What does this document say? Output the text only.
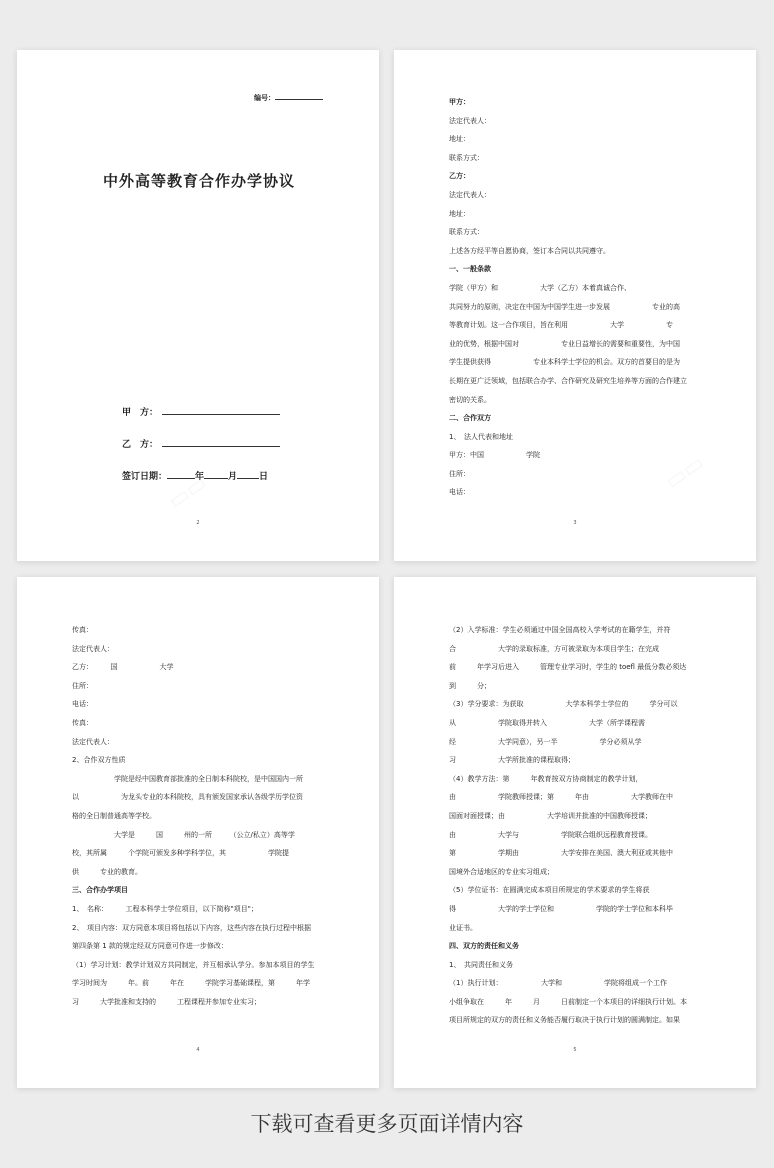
编号：
中外高等教育合作办学协议
甲　方：
乙　方：
签订日期：	年	月 日
2
甲方：
法定代表人：
地址：
联系方式：
乙方：
法定代表人：
地址：
联系方式：
上述各方经平等自愿协商，签订本合同以共同遵守。
一、一般条款
学院（甲方）和　　　　　　大学（乙方）本着真诚合作、
共同努力的原则，决定在中国为中国学生进一步发展　　　　　　专业的高
等教育计划。这一合作项目，旨在利用　　　　　　大学　　　　　　专
业的优势，根据中国对　　　　　　专业日益增长的需要和重要性，为中国
学生提供获得　　　　　　专业本科学士学位的机会。双方的首要目的是为
长期在更广泛领域，包括联合办学、合作研究及研究生培养等方面的合作建立
密切的关系。
二、合作双方
1、　法人代表和地址
甲方：中国　　　　　　学院
住所：
电话：
3
传真：
法定代表人：
乙方：　　　国　　　　　　大学
住所：
电话：
传真：
法定代表人：
2、合作双方性质
　　　　　　学院是经中国教育部批准的全日制本科院校，是中国国内一所
以　　　　　　为龙头专业的本科院校，具有颁发国家承认各级学历学位资
格的全日制普通高等学校。
　　　　　　大学是　　　国　　　州的一所　　　（公立/私立）高等学
校，其所属　　　个学院可颁发多种学科学位，其　　　　　　学院提
供　　　专业的教育。
三、合作办学项目
1、　名称：　　　工程本科学士学位项目，以下简称"项目"；
2、　项目内容：双方同意本项目将包括以下内容，这些内容在执行过程中根据
第四条第 1 款的规定经双方同意可作进一步修改：
（1）学习计划：教学计划双方共同制定，并互相承认学分。参加本项目的学生
学习时间为　　　年。前　　　年在　　　学院学习基础课程，第　　　年学
习　　　大学批准和支持的　　　工程课程并参加专业实习；
4
（2）入学标准：学生必须通过中国全国高校入学考试的在籍学生，并符
合　　　　　　大学的录取标准，方可被录取为本项目学生；在完成
前　　　年学习后进入　　　管理专业学习时，学生的 toefl 最低分数必须达
到　　　分；
（3）学分要求：为获取　　　　　　大学本科学士学位的　　　学分可以
从　　　　　　学院取得并转入　　　　　　大学（所学课程需
经　　　　　　大学同意），另一半　　　　　　学分必须从学
习　　　　　　大学所批准的课程取得；
（4）教学方法：第　　　年教育按双方协商制定的教学计划，
由　　　　　　学院教师授课；第　　　年由　　　　　　大学教师在中
国面对面授课；由　　　　　　大学培训并批准的中国教师授课；
由　　　　　　大学与　　　　　　学院联合组织远程教育授课。
第　　　　　　学期由　　　　　　大学安排在美国、澳大利亚或其他中
国境外合适地区的专业实习组成；
（5）学位证书：在圆满完成本项目所规定的学术要求的学生将获
得　　　　　　大学的学士学位和　　　　　　学院的学士学位和本科毕
业证书。
四、双方的责任和义务
1、　共同责任和义务
（1）执行计划：　　　　　　大学和　　　　　　学院将组成一个工作
小组争取在　　　年　　　月　　　日前制定一个本项目的详细执行计划。本
项目所规定的双方的责任和义务能否履行取决于执行计划的圆满制定。如果
5
下载可查看更多页面详情内容
